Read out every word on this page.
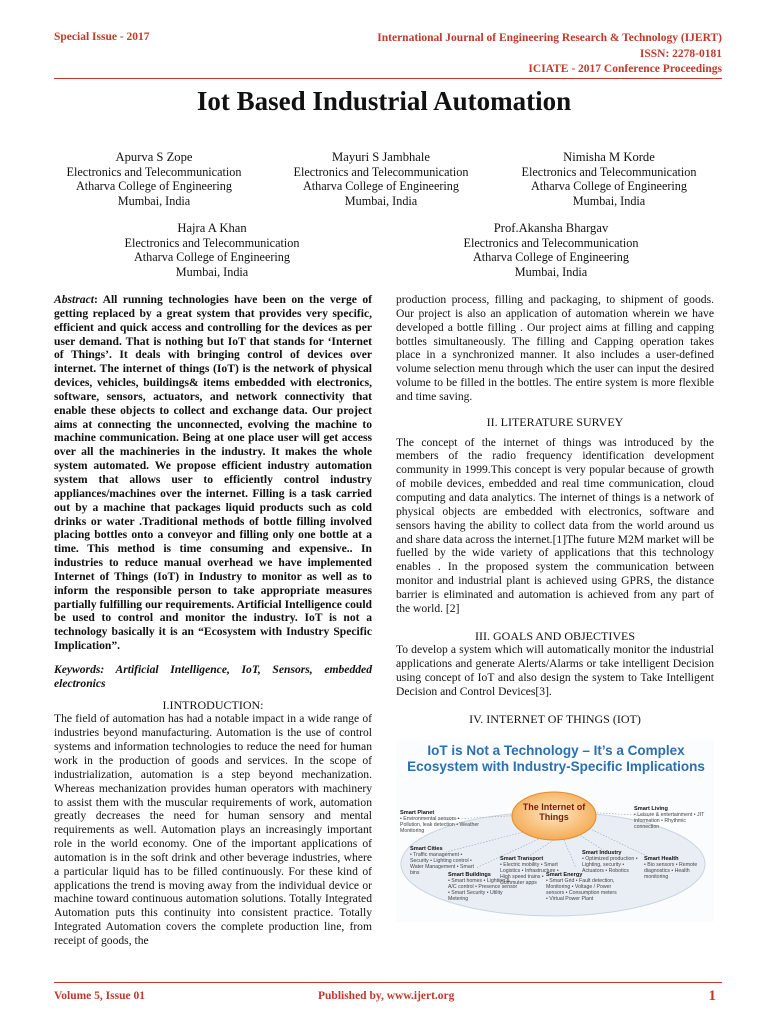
Special Issue - 2017	International Journal of Engineering Research & Technology (IJERT)
ISSN: 2278-0181
ICIATE - 2017 Conference Proceedings
Iot Based Industrial Automation
Apurva S Zope
Electronics and Telecommunication
Atharva College of Engineering
Mumbai, India
Mayuri S Jambhale
Electronics and Telecommunication
Atharva College of Engineering
Mumbai, India
Nimisha M Korde
Electronics and Telecommunication
Atharva College of Engineering
Mumbai, India
Hajra A Khan
Electronics and Telecommunication
Atharva College of Engineering
Mumbai, India
Prof.Akansha Bhargav
Electronics and Telecommunication
Atharva College of Engineering
Mumbai, India

Abstract: All running technologies have been on the verge of getting replaced by a great system that provides very specific, efficient and quick access and controlling for the devices as per user demand. That is nothing but IoT that stands for ‘Internet of Things’. It deals with bringing control of devices over internet. The internet of things (IoT) is the network of physical devices, vehicles, buildings& items embedded with electronics, software, sensors, actuators, and network connectivity that enable these objects to collect and exchange data. Our project aims at connecting the unconnected, evolving the machine to machine communication. Being at one place user will get access over all the machineries in the industry. It makes the whole system automated. We propose efficient industry automation system that allows user to efficiently control industry appliances/machines over the internet. Filling is a task carried out by a machine that packages liquid products such as cold drinks or water .Traditional methods of bottle filling involved placing bottles onto a conveyor and filling only one bottle at a time. This method is time consuming and expensive.. In industries to reduce manual overhead we have implemented Internet of Things (IoT) in Industry to monitor as well as to inform the responsible person to take appropriate measures partially fulfilling our requirements. Artificial Intelligence could be used to control and monitor the industry. IoT is not a technology basically it is an “Ecosystem with Industry Specific Implication”.

Keywords: Artificial Intelligence, IoT, Sensors, embedded electronics

I.INTRODUCTION:

The field of automation has had a notable impact in a wide range of industries beyond manufacturing. Automation is the use of control systems and information technologies to reduce the need for human work in the production of goods and services. In the scope of industrialization, automation is a step beyond mechanization. Whereas mechanization provides human operators with machinery to assist them with the muscular requirements of work, automation greatly decreases the need for human sensory and mental requirements as well. Automation plays an increasingly important role in the world economy. One of the important applications of automation is in the soft drink and other beverage industries, where a particular liquid has to be filled continuously. For these kind of applications the trend is moving away from the individual device or machine toward continuous automation solutions. Totally Integrated Automation puts this continuity into consistent practice. Totally Integrated Automation covers the complete production line, from receipt of goods, the

production process, filling and packaging, to shipment of goods. Our project is also an application of automation wherein we have developed a bottle filling . Our project aims at filling and capping bottles simultaneously. The filling and Capping operation takes place in a synchronized manner. It also includes a user-defined volume selection menu through which the user can input the desired volume to be filled in the bottles. The entire system is more flexible and time saving.

II. LITERATURE SURVEY

The concept of the internet of things was introduced by the members of the radio frequency identification development community in 1999.This concept is very popular because of growth of mobile devices, embedded and real time communication, cloud computing and data analytics. The internet of things is a network of physical objects are embedded with electronics, software and sensors having the ability to collect data from the world around us and share data across the internet.[1]The future M2M market will be fuelled by the wide variety of applications that this technology enables . In the proposed system the communication between monitor and industrial plant is achieved using GPRS, the distance barrier is eliminated and automation is achieved from any part of the world. [2]

III. GOALS AND OBJECTIVES

To develop a system which will automatically monitor the industrial applications and generate Alerts/Alarms or take intelligent Decision using concept of IoT and also design the system to Take Intelligent Decision and Control Devices[3].

IV. INTERNET OF THINGS (IOT)
IoT is Not a Technology – It’s a Complex
Ecosystem with Industry-Specific Implications
The Internet of Things
Smart Planet
• Environmental sensors • Pollution, leak detection • Weather Monitoring
Smart Cities
• Traffic management • Security • Lighting control • Water Management • Smart bins	Smart Buildings
• Smart homes • Lighting & A/C control • Presence sensor • Smart Security • Utility Metering
Smart Transport
• Electric mobility • Smart Logistics • Infrastructure • High speed trains • Commuter apps
Smart Energy
• Smart Grid • Fault detection, Monitoring • Voltage / Power sensors • Consumption meters • Virtual Power Plant
Smart Industry
• Optimized production • Lighting, security • Actuators • Robotics
Smart Health
• Bio sensors • Remote diagnostics • Health monitoring
Smart Living
• Leisure & entertainment • JIT information • Rhythmic connection
Volume 5, Issue 01	Published by, www.ijert.org	1
